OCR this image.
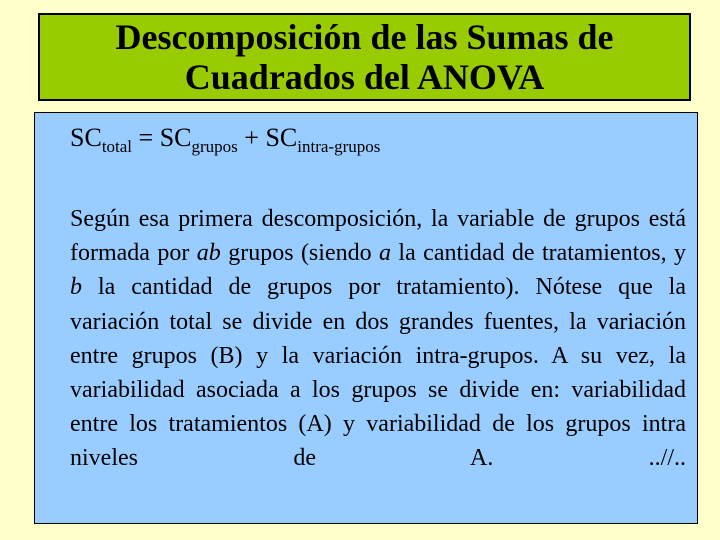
Descomposición de las Sumas de
Cuadrados del ANOVA

$SC_{total} = SC_{grupos} + SC_{intra-grupos}$

Según esa primera descomposición, la variable de grupos está formada por ab grupos (siendo a la cantidad de tratamientos, y b la cantidad de grupos por tratamiento). Nótese que la variación total se divide en dos grandes fuentes, la variación entre grupos (B) y la variación intra-grupos. A su vez, la variabilidad asociada a los grupos se divide en: variabilidad entre los tratamientos (A) y variabilidad de los grupos intra niveles de A.	..//..
